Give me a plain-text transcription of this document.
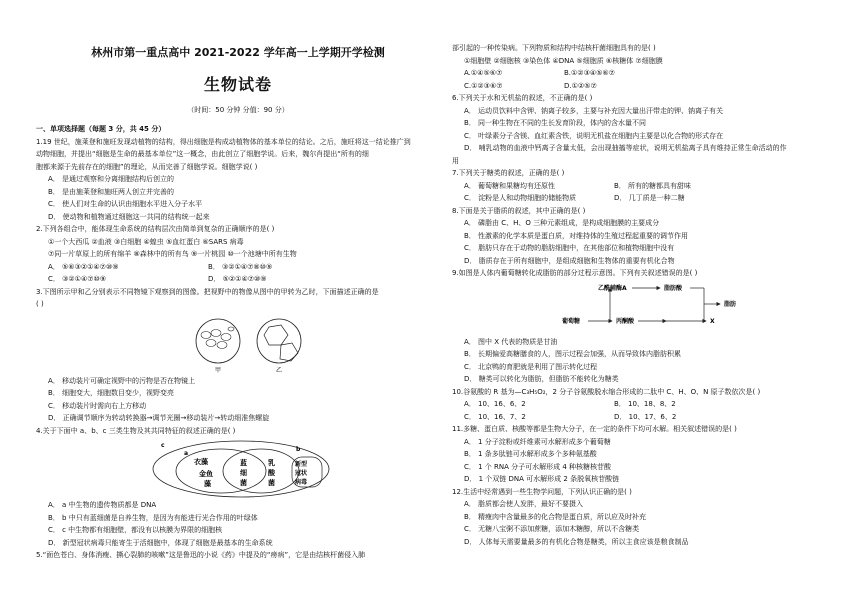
林州市第一重点高中 2021-2022 学年高一上学期开学检测
生物试卷
（时间：50 分钟 分值：90 分）
一、单项选择题（每题 3 分，共 45 分）
1.19 世纪，施莱登和施旺发现动植物的结构，得出细胞是构成动植物体的基本单位的结论。之后，施旺将这一结论推广到
动物细胞，并提出“细胞是生命的最基本单位”这一概念，由此创立了细胞学说。后来，魏尔肖提出“所有的细
胞都来源于先前存在的细胞”的理论，从而完善了细胞学说。细胞学说( )
A． 是通过观察和分离细胞结构后创立的
B． 是由施莱登和施旺两人创立并完善的
C． 使人们对生命的认识由细胞水平进入分子水平
D． 使动物和植物通过细胞这一共同的结构统一起来
2.下列各组合中，能体现生命系统的结构层次由简单到复杂的正确顺序的是( )
①一个大西瓜 ②血液 ③白细胞 ④蝗虫 ⑤血红蛋白 ⑥SARS 病毒
⑦同一片草原上的所有绵羊 ⑧森林中的所有鸟 ⑨一片桃园 ⑩一个池塘中所有生物
A． ⑤⑥③②①④⑦⑩⑨	B． ③②①④⑦⑧⑩⑨
C． ③②①④⑦⑩⑨	D． ⑤②①④⑦⑩⑨
3.下图所示甲和乙分别表示不同物镜下观察到的图像。把视野中的物像从图中的甲转为乙时，下面描述正确的是
( )
甲	乙
A． 移动装片可确定视野中的污物是否在物镜上
B． 细胞变大，细胞数目变少，视野变亮
C． 移动装片时需向右上方移动
D． 正确调节顺序为转动转换器→调节光圈→移动装片→转动细准焦螺旋
4.关于下面中 a、b、c 三类生物及其共同特征的叙述正确的是( )
c
a
b
衣藻
金鱼
藻
蓝
细
菌
乳
酸
菌
新型
冠状
病毒
A． a 中生物的遗传物质都是 DNA
B． b 中只有蓝细菌是自养生物，是因为有能进行光合作用的叶绿体
C． c 中生物都有细胞壁，都没有以核膜为界限的细胞核
D． 新型冠状病毒只能寄生于活细胞中，体现了细胞是最基本的生命系统
5.“面色苍白、身体消瘦、撕心裂肺的咳嗽”这是鲁迅的小说《药》中提及的“痨病”，它是由结核杆菌侵入肺
部引起的一种传染病。下列物质和结构中结核杆菌细胞具有的是( )
①细胞壁 ②细胞核 ③染色体 ④DNA ⑤细胞质 ⑥核糖体 ⑦细胞膜
A.①④⑤⑥⑦	B.①②③④⑤⑥⑦
C.①②③⑥⑦	D.①②⑤⑦
6.下列关于水和无机盐的叙述，不正确的是( )
A． 运动员饮料中含钾、钠离子较多，主要与补充因大量出汗带走的钾、钠离子有关
B． 同一种生物在不同的生长发育阶段，体内的含水量不同
C． 叶绿素分子含镁、血红素含铁，说明无机盐在细胞内主要是以化合物的形式存在
D． 哺乳动物的血液中钙离子含量太低，会出现抽搐等症状，说明无机盐离子具有维持正常生命活动的作
用
7.下列关于糖类的叙述，正确的是( )
A． 葡萄糖和果糖均有还原性	B． 所有的糖都具有甜味
C． 淀粉是人和动物细胞的储能物质	D． 几丁质是一种二糖
8.下面是关于脂质的叙述，其中正确的是( )
A． 磷脂由 C、H、O 三种元素组成，是构成细胞膜的主要成分
B． 性激素的化学本质是蛋白质，对维持体的生殖过程起重要的调节作用
C． 脂肪只存在于动物的脂肪细胞中，在其他部位和植物细胞中没有
D． 脂质存在于所有细胞中，是组成细胞和生物体的重要有机化合物
9.如图是人体内葡萄糖转化成脂肪的部分过程示意图。下列有关叙述错误的是( )
乙酰辅酶A	脂肪酸
脂肪
葡萄糖	丙酮酸	X
A． 图中 X 代表的物质是甘油
B． 长期偏爱高糖膳食的人，图示过程会加强，从而导致体内脂肪积累
C． 北京鸭的育肥就是利用了图示转化过程
D． 糖类可以转化为脂肪，但脂肪不能转化为糖类
10.谷氨酸的 R 基为—C₃H₅O₂，2 分子谷氨酸脱水缩合形成的二肽中 C、H、O、N 原子数依次是( )
A． 10、16、6、2	B． 10、18、8、2
C． 10、16、7、2	D． 10、17、6、2
11.多糖、蛋白质、核酸等都是生物大分子，在一定的条件下均可水解。相关叙述错误的是( )
A． 1 分子淀粉或纤维素可水解形成多个葡萄糖
B． 1 条多肽链可水解形成多个多种氨基酸
C． 1 个 RNA 分子可水解形成 4 种核糖核苷酸
D． 1 个双链 DNA 可水解形成 2 条脱氧核苷酸链
12.生活中经常遇到一些生物学问题，下列认识正确的是( )
A． 脂质都会使人发胖，最好不要摄入
B． 精瘦肉中含量最多的化合物是蛋白质，所以应及时补充
C． 无糖八宝粥不添加蔗糖，添加木糖醇，所以不含糖类
D． 人体每天需要量最多的有机化合物是糖类，所以主食应该是粮食制品
